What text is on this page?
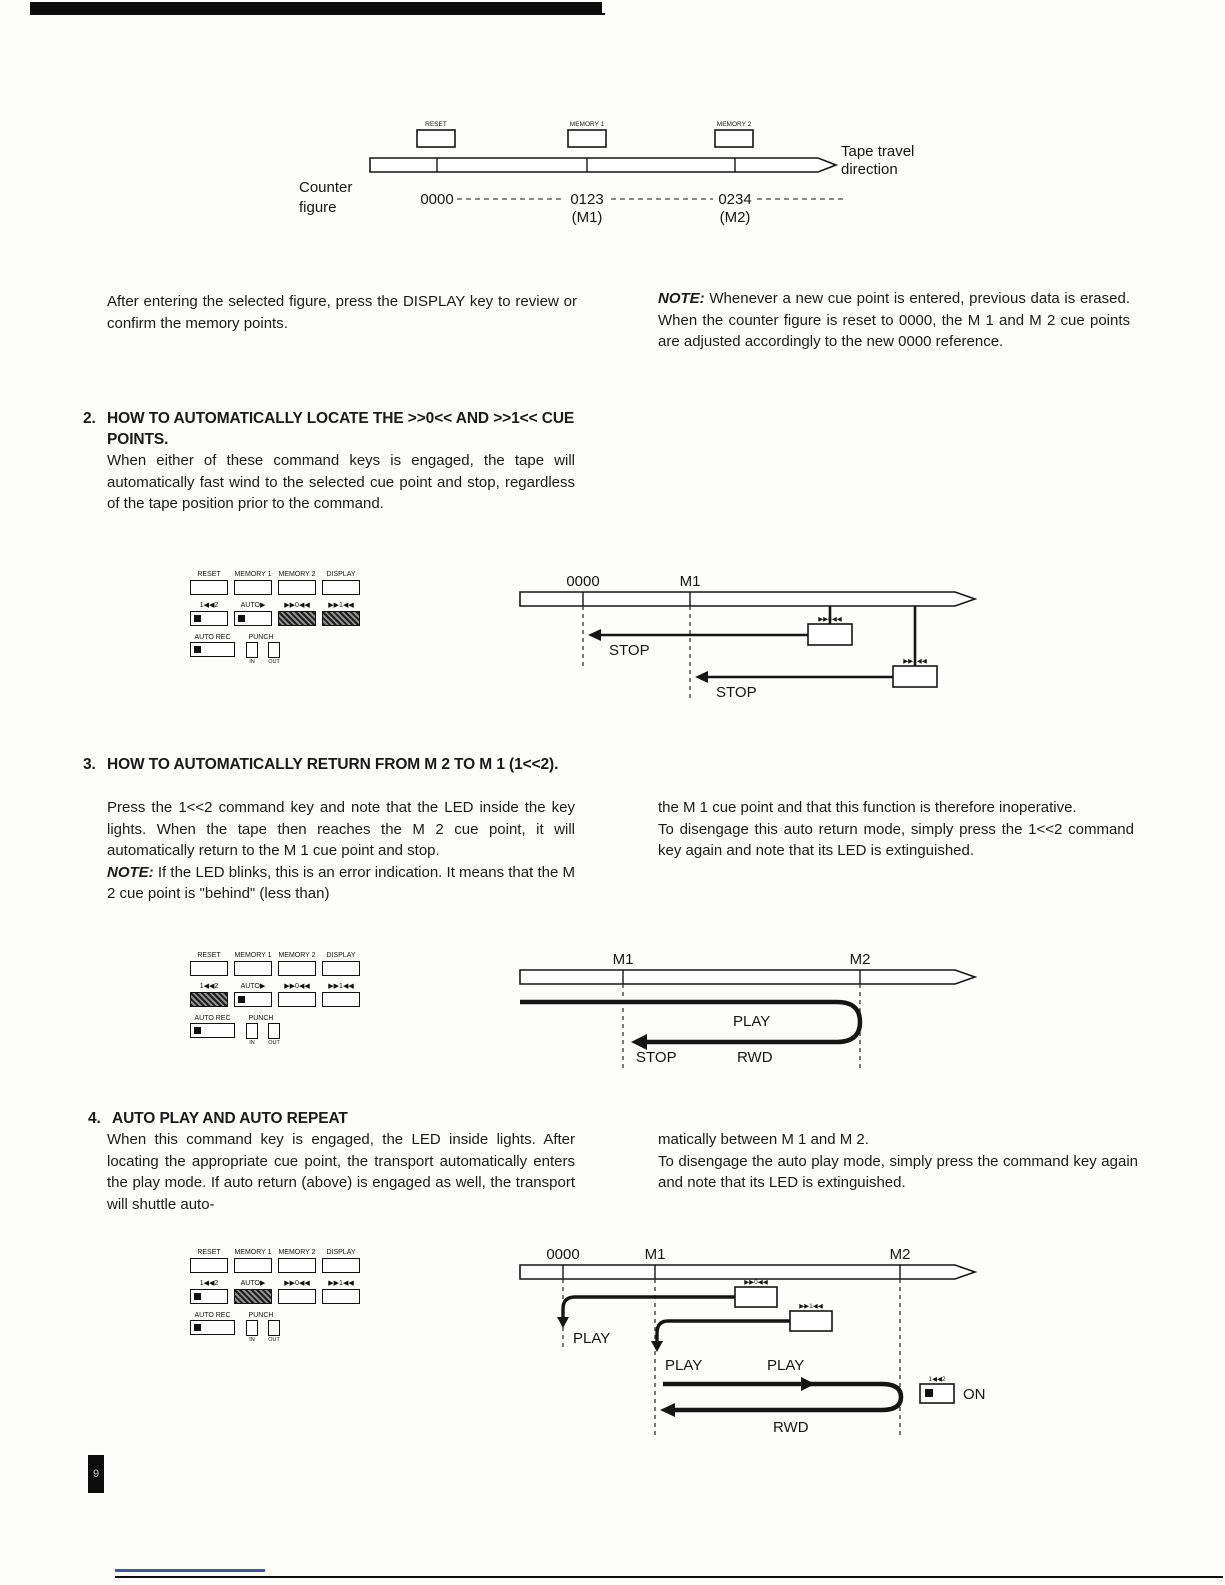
RESET	MEMORY 1	MEMORY 2
Tape travel
direction
Counter
figure	0000	0123
(M1)
0234
(M2)

After entering the selected figure, press the DISPLAY key to review or confirm the memory points.

NOTE: Whenever a new cue point is entered, previous data is erased. When the counter figure is reset to 0000, the M 1 and M 2 cue points are adjusted accordingly to the new 0000 reference.

2. HOW TO AUTOMATICALLY LOCATE THE >>0<< AND >>1<< CUE POINTS.

When either of these command keys is engaged, the tape will automatically fast wind to the selected cue point and stop, regardless of the tape position prior to the command.

RESET	MEMORY 1 MEMORY 2	DISPLAY
1◀◀2	AUTO▶	▶▶0◀◀	▶▶1◀◀
AUTO REC	PUNCH
IN	OUT
0000	M1
▶▶0◀◀
STOP
▶▶1◀◀
STOP
3. HOW TO AUTOMATICALLY RETURN FROM M 2 TO M 1 (1<<2).

Press the 1<<2 command key and note that the LED inside the key lights. When the tape then reaches the M 2 cue point, it will automatically return to the M 1 cue point and stop.

NOTE: If the LED blinks, this is an error indication. It means that the M 2 cue point is "behind" (less than)

the M 1 cue point and that this function is therefore inoperative.

To disengage this auto return mode, simply press the 1<<2 command key again and note that its LED is extinguished.

RESET	MEMORY 1 MEMORY 2	DISPLAY
1◀◀2	AUTO▶	▶▶0◀◀	▶▶1◀◀
AUTO REC	PUNCH
IN	OUT
M1	M2
PLAY
STOP	RWD
4. AUTO PLAY AND AUTO REPEAT

When this command key is engaged, the LED inside lights. After locating the appropriate cue point, the transport automatically enters the play mode. If auto return (above) is engaged as well, the transport will shuttle auto-

matically between M 1 and M 2.

To disengage the auto play mode, simply press the command key again and note that its LED is extinguished.

RESET	MEMORY 1 MEMORY 2	DISPLAY
1◀◀2	AUTO▶	▶▶0◀◀	▶▶1◀◀
AUTO REC	PUNCH
IN	OUT
0000	M1	M2
▶▶0◀◀
PLAY
▶▶1◀◀
PLAY	PLAY
RWD
1◀◀2
ON
9
